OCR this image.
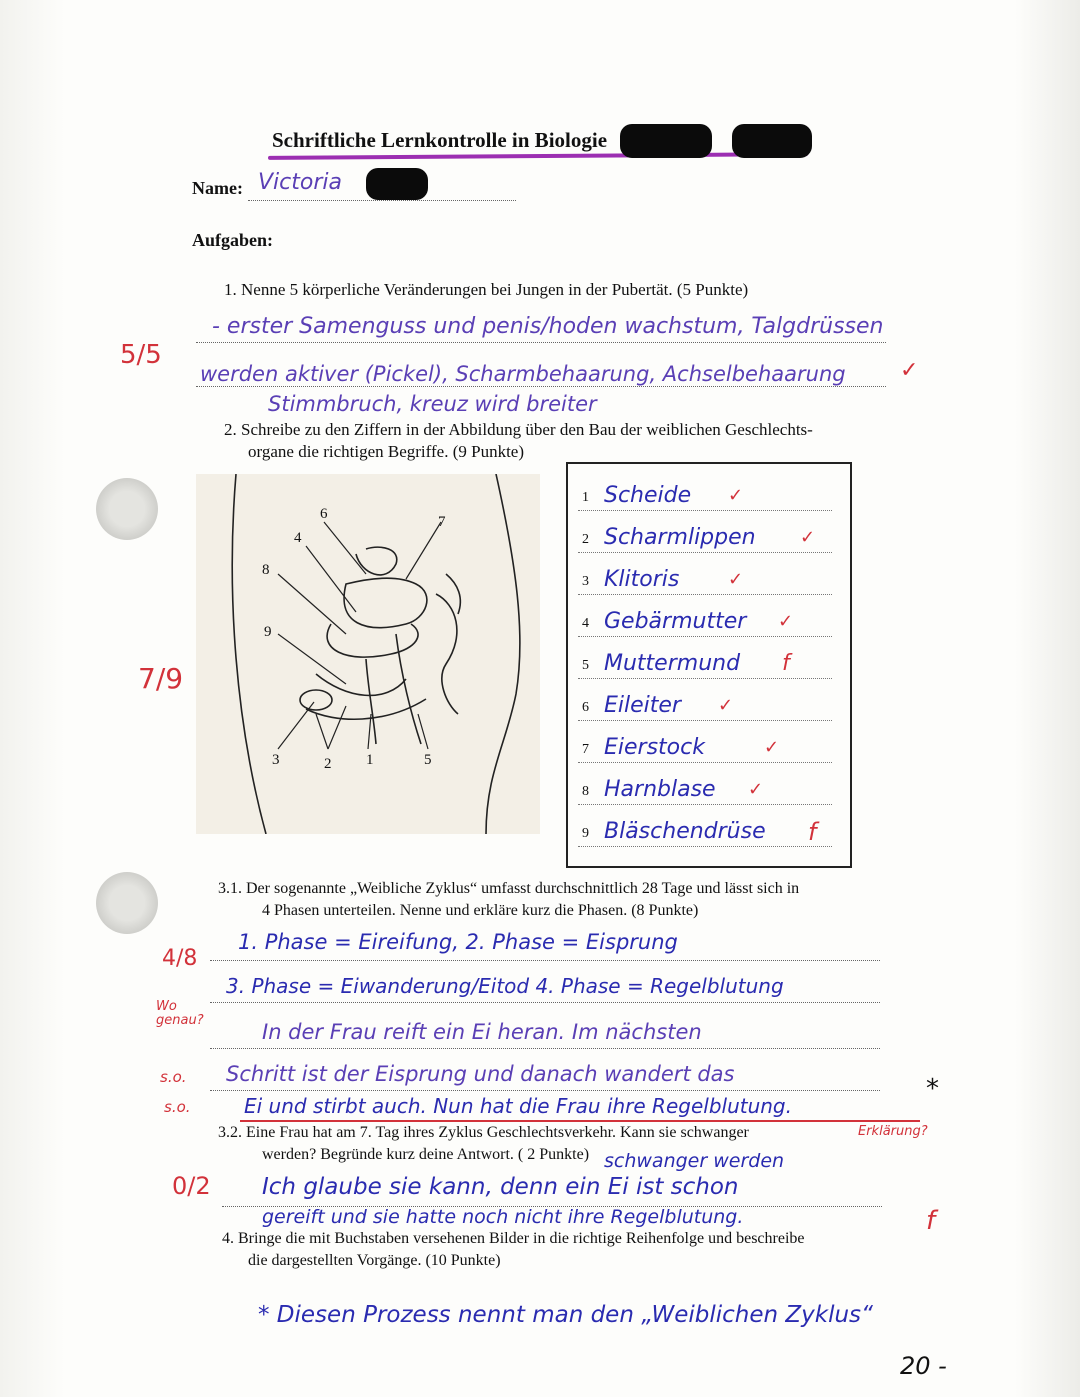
Schriftliche Lernkontrolle in Biologie
Name: Victoria
Aufgaben:
1. Nenne 5 körperliche Veränderungen bei Jungen in der Pubertät. (5 Punkte)
5/5
- erster Samenguss und penis/hoden wachstum, Talgdrüssen
werden aktiver (Pickel), Scharmbehaarung, Achselbehaarung ✓
Stimmbruch, kreuz wird breiter
2. Schreibe zu den Ziffern in der Abbildung über den Bau der weiblichen Geschlechts-
organe die richtigen Begriffe. (9 Punkte)
7/9
6	7
4
8
9
3	2 1	5
1 Scheide ✓
2 Scharmlippen ✓
3 Klitoris	✓
4 Gebärmutter ✓
5 Muttermund f
6 Eileiter ✓
7 Eierstock	✓
8 Harnblase ✓
9 Bläschendrüse f
3.1. Der sogenannte „Weibliche Zyklus“ umfasst durchschnittlich 28 Tage und lässt sich in
4 Phasen unterteilen. Nenne und erkläre kurz die Phasen. (8 Punkte)
4/8
Wo genau?
s.o.
s.o.
1. Phase = Eireifung, 2. Phase = Eisprung
3. Phase = Eiwanderung/Eitod 4. Phase = Regelblutung
In der Frau reift ein Ei heran. Im nächsten
Schritt ist der Eisprung und danach wandert das
Ei und stirbt auch. Nun hat die Frau ihre Regelblutung.
*
Erklärung?
3.2. Eine Frau hat am 7. Tag ihres Zyklus Geschlechtsverkehr. Kann sie schwanger
werden? Begründe kurz deine Antwort. ( 2 Punkte)
0/2
schwanger werden
Ich glaube sie kann, denn ein Ei ist schon
gereift und sie hatte noch nicht ihre Regelblutung.	f
4. Bringe die mit Buchstaben versehenen Bilder in die richtige Reihenfolge und beschreibe
die dargestellten Vorgänge. (10 Punkte)
* Diesen Prozess nennt man den „Weiblichen Zyklus“
20 -
